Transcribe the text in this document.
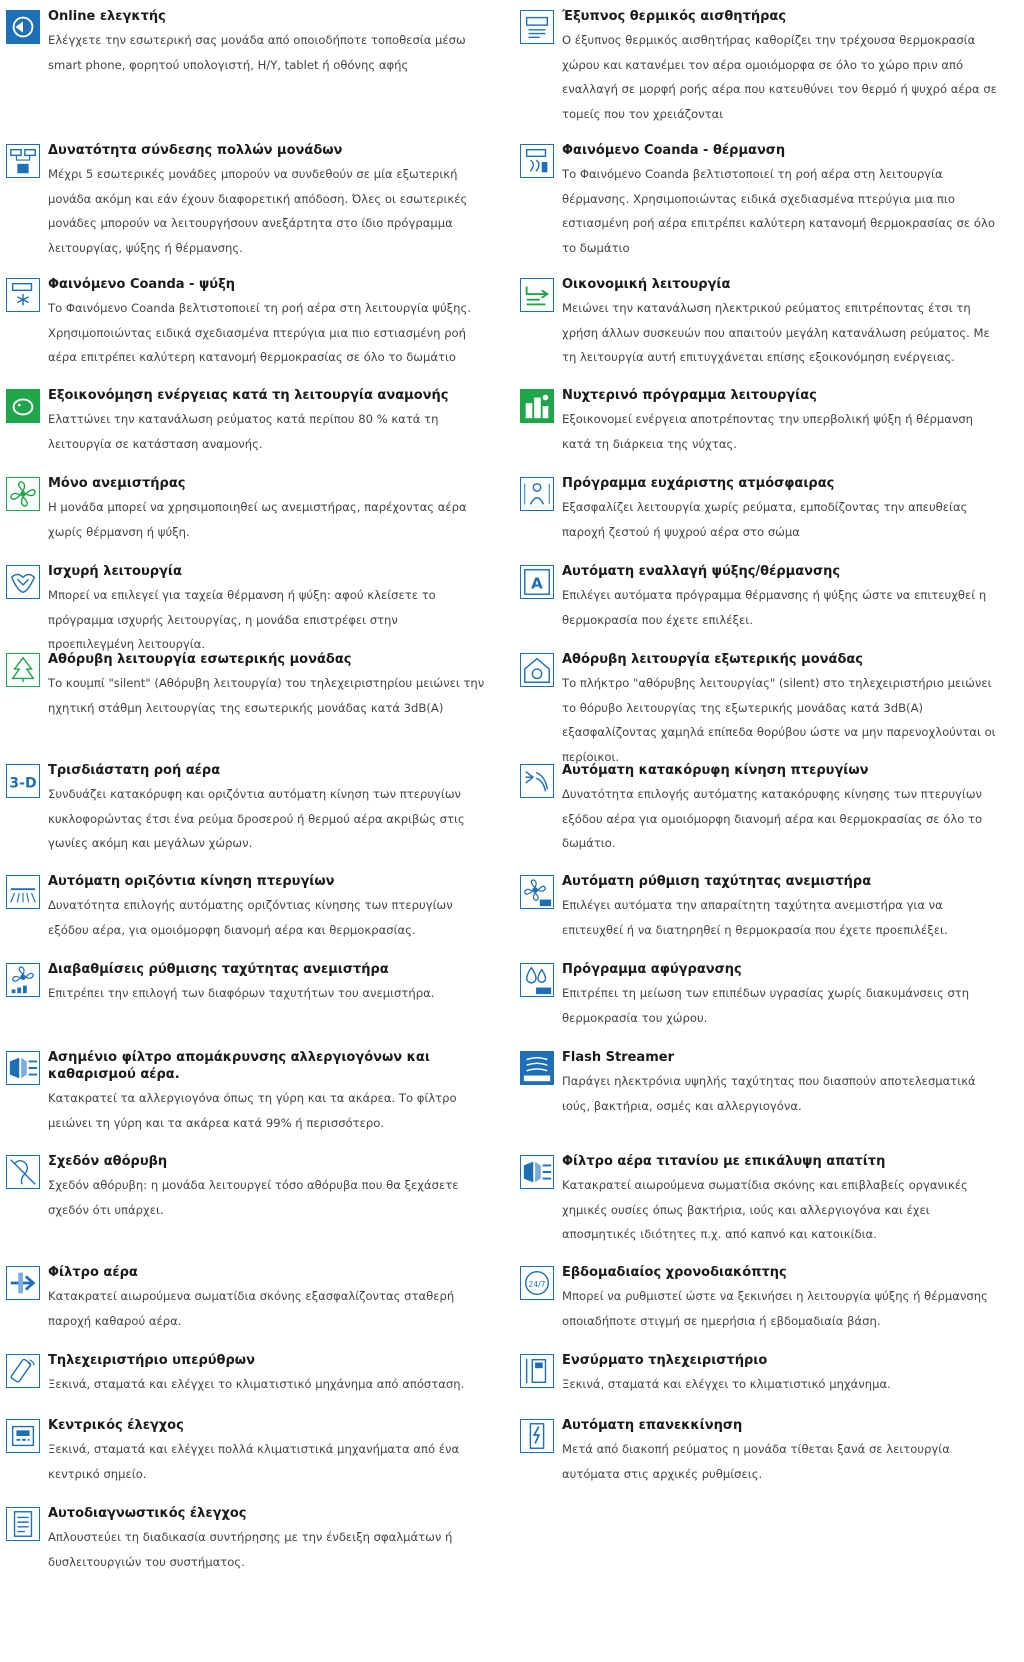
Online ελεγκτής
Ελέγχετε την εσωτερική σας μονάδα από οποιοδήποτε τοποθεσία μέσω smart phone, φορητού υπολογιστή, Η/Υ, tablet ή οθόνης αφής
Έξυπνος θερμικός αισθητήρας
Ο έξυπνος θερμικός αισθητήρας καθορίζει την τρέχουσα θερμοκρασία χώρου και κατανέμει τον αέρα ομοιόμορφα σε όλο το χώρο πριν από εναλλαγή σε μορφή ροής αέρα που κατευθύνει τον θερμό ή ψυχρό αέρα σε τομείς που τον χρειάζονται
Δυνατότητα σύνδεσης πολλών μονάδων
Μέχρι 5 εσωτερικές μονάδες μπορούν να συνδεθούν σε μία εξωτερική μονάδα ακόμη και εάν έχουν διαφορετική απόδοση. Όλες οι εσωτερικές μονάδες μπορούν να λειτουργήσουν ανεξάρτητα στο ίδιο πρόγραμμα λειτουργίας, ψύξης ή θέρμανσης.
Φαινόμενο Coanda - θέρμανση
Το Φαινόμενο Coanda βελτιστοποιεί τη ροή αέρα στη λειτουργία θέρμανσης. Χρησιμοποιώντας ειδικά σχεδιασμένα πτερύγια μια πιο εστιασμένη ροή αέρα επιτρέπει καλύτερη κατανομή θερμοκρασίας σε όλο το δωμάτιο
Φαινόμενο Coanda - ψύξη
Το Φαινόμενο Coanda βελτιστοποιεί τη ροή αέρα στη λειτουργία ψύξης. Χρησιμοποιώντας ειδικά σχεδιασμένα πτερύγια μια πιο εστιασμένη ροή αέρα επιτρέπει καλύτερη κατανομή θερμοκρασίας σε όλο το δωμάτιο
Οικονομική λειτουργία
Μειώνει την κατανάλωση ηλεκτρικού ρεύματος επιτρέποντας έτσι τη χρήση άλλων συσκευών που απαιτούν μεγάλη κατανάλωση ρεύματος. Με τη λειτουργία αυτή επιτυγχάνεται επίσης εξοικονόμηση ενέργειας.
Εξοικονόμηση ενέργειας κατά τη λειτουργία αναμονής
Ελαττώνει την κατανάλωση ρεύματος κατά περίπου 80 % κατά τη λειτουργία σε κατάσταση αναμονής.
Νυχτερινό πρόγραμμα λειτουργίας
Εξοικονομεί ενέργεια αποτρέποντας την υπερβολική ψύξη ή θέρμανση κατά τη διάρκεια της νύχτας.
Μόνο ανεμιστήρας
Η μονάδα μπορεί να χρησιμοποιηθεί ως ανεμιστήρας, παρέχοντας αέρα χωρίς θέρμανση ή ψύξη.
Πρόγραμμα ευχάριστης ατμόσφαιρας
Εξασφαλίζει λειτουργία χωρίς ρεύματα, εμποδίζοντας την απευθείας παροχή ζεστού ή ψυχρού αέρα στο σώμα
Ισχυρή λειτουργία
Μπορεί να επιλεγεί για ταχεία θέρμανση ή ψύξη: αφού κλείσετε το πρόγραμμα ισχυρής λειτουργίας, η μονάδα επιστρέφει στην προεπιλεγμένη λειτουργία.
A
Αυτόματη εναλλαγή ψύξης/θέρμανσης
Επιλέγει αυτόματα πρόγραμμα θέρμανσης ή ψύξης ώστε να επιτευχθεί η θερμοκρασία που έχετε επιλέξει.
Αθόρυβη λειτουργία εσωτερικής μονάδας
Το κουμπί "silent" (Αθόρυβη λειτουργία) του τηλεχειριστηρίου μειώνει την ηχητική στάθμη λειτουργίας της εσωτερικής μονάδας κατά 3dB(A)
Αθόρυβη λειτουργία εξωτερικής μονάδας
Το πλήκτρο "αθόρυβης λειτουργίας" (silent) στο τηλεχειριστήριο μειώνει το θόρυβο λειτουργίας της εξωτερικής μονάδας κατά 3dB(A) εξασφαλίζοντας χαμηλά επίπεδα θορύβου ώστε να μην παρενοχλούνται οι περίοικοι.
3-D
Τρισδιάστατη ροή αέρα
Συνδυάζει κατακόρυφη και οριζόντια αυτόματη κίνηση των πτερυγίων κυκλοφορώντας έτσι ένα ρεύμα δροσερού ή θερμού αέρα ακριβώς στις γωνίες ακόμη και μεγάλων χώρων.
Αυτόματη κατακόρυφη κίνηση πτερυγίων
Δυνατότητα επιλογής αυτόματης κατακόρυφης κίνησης των πτερυγίων εξόδου αέρα για ομοιόμορφη διανομή αέρα και θερμοκρασίας σε όλο το δωμάτιο.
Αυτόματη οριζόντια κίνηση πτερυγίων
Δυνατότητα επιλογής αυτόματης οριζόντιας κίνησης των πτερυγίων εξόδου αέρα, για ομοιόμορφη διανομή αέρα και θερμοκρασίας.
Αυτόματη ρύθμιση ταχύτητας ανεμιστήρα
Επιλέγει αυτόματα την απαραίτητη ταχύτητα ανεμιστήρα για να επιτευχθεί ή να διατηρηθεί η θερμοκρασία που έχετε προεπιλέξει.
Διαβαθμίσεις ρύθμισης ταχύτητας ανεμιστήρα
Επιτρέπει την επιλογή των διαφόρων ταχυτήτων του ανεμιστήρα.
Πρόγραμμα αφύγρανσης
Επιτρέπει τη μείωση των επιπέδων υγρασίας χωρίς διακυμάνσεις στη θερμοκρασία του χώρου.
Ασημένιο φίλτρο απομάκρυνσης αλλεργιογόνων και καθαρισμού αέρα.
Κατακρατεί τα αλλεργιογόνα όπως τη γύρη και τα ακάρεα. Το φίλτρο μειώνει τη γύρη και τα ακάρεα κατά 99% ή περισσότερο.
Flash Streamer
Παράγει ηλεκτρόνια υψηλής ταχύτητας που διασπούν αποτελεσματικά ιούς, βακτήρια, οσμές και αλλεργιογόνα.
Σχεδόν αθόρυβη
Σχεδόν αθόρυβη: η μονάδα λειτουργεί τόσο αθόρυβα που θα ξεχάσετε σχεδόν ότι υπάρχει.
Φίλτρο αέρα τιτανίου με επικάλυψη απατίτη
Κατακρατεί αιωρούμενα σωματίδια σκόνης και επιβλαβείς οργανικές χημικές ουσίες όπως βακτήρια, ιούς και αλλεργιογόνα και έχει αποσμητικές ιδιότητες π.χ. από καπνό και κατοικίδια.
Φίλτρο αέρα
Κατακρατεί αιωρούμενα σωματίδια σκόνης εξασφαλίζοντας σταθερή παροχή καθαρού αέρα.
24/7
Εβδομαδιαίος χρονοδιακόπτης
Μπορεί να ρυθμιστεί ώστε να ξεκινήσει η λειτουργία ψύξης ή θέρμανσης οποιαδήποτε στιγμή σε ημερήσια ή εβδομαδιαία βάση.
Τηλεχειριστήριο υπερύθρων
Ξεκινά, σταματά και ελέγχει το κλιματιστικό μηχάνημα από απόσταση.
Ενσύρματο τηλεχειριστήριο
Ξεκινά, σταματά και ελέγχει το κλιματιστικό μηχάνημα.
Κεντρικός έλεγχος
Ξεκινά, σταματά και ελέγχει πολλά κλιματιστικά μηχανήματα από ένα κεντρικό σημείο.
Αυτόματη επανεκκίνηση
Μετά από διακοπή ρεύματος η μονάδα τίθεται ξανά σε λειτουργία αυτόματα στις αρχικές ρυθμίσεις.
Αυτοδιαγνωστικός έλεγχος
Απλουστεύει τη διαδικασία συντήρησης με την ένδειξη σφαλμάτων ή δυσλειτουργιών του συστήματος.
